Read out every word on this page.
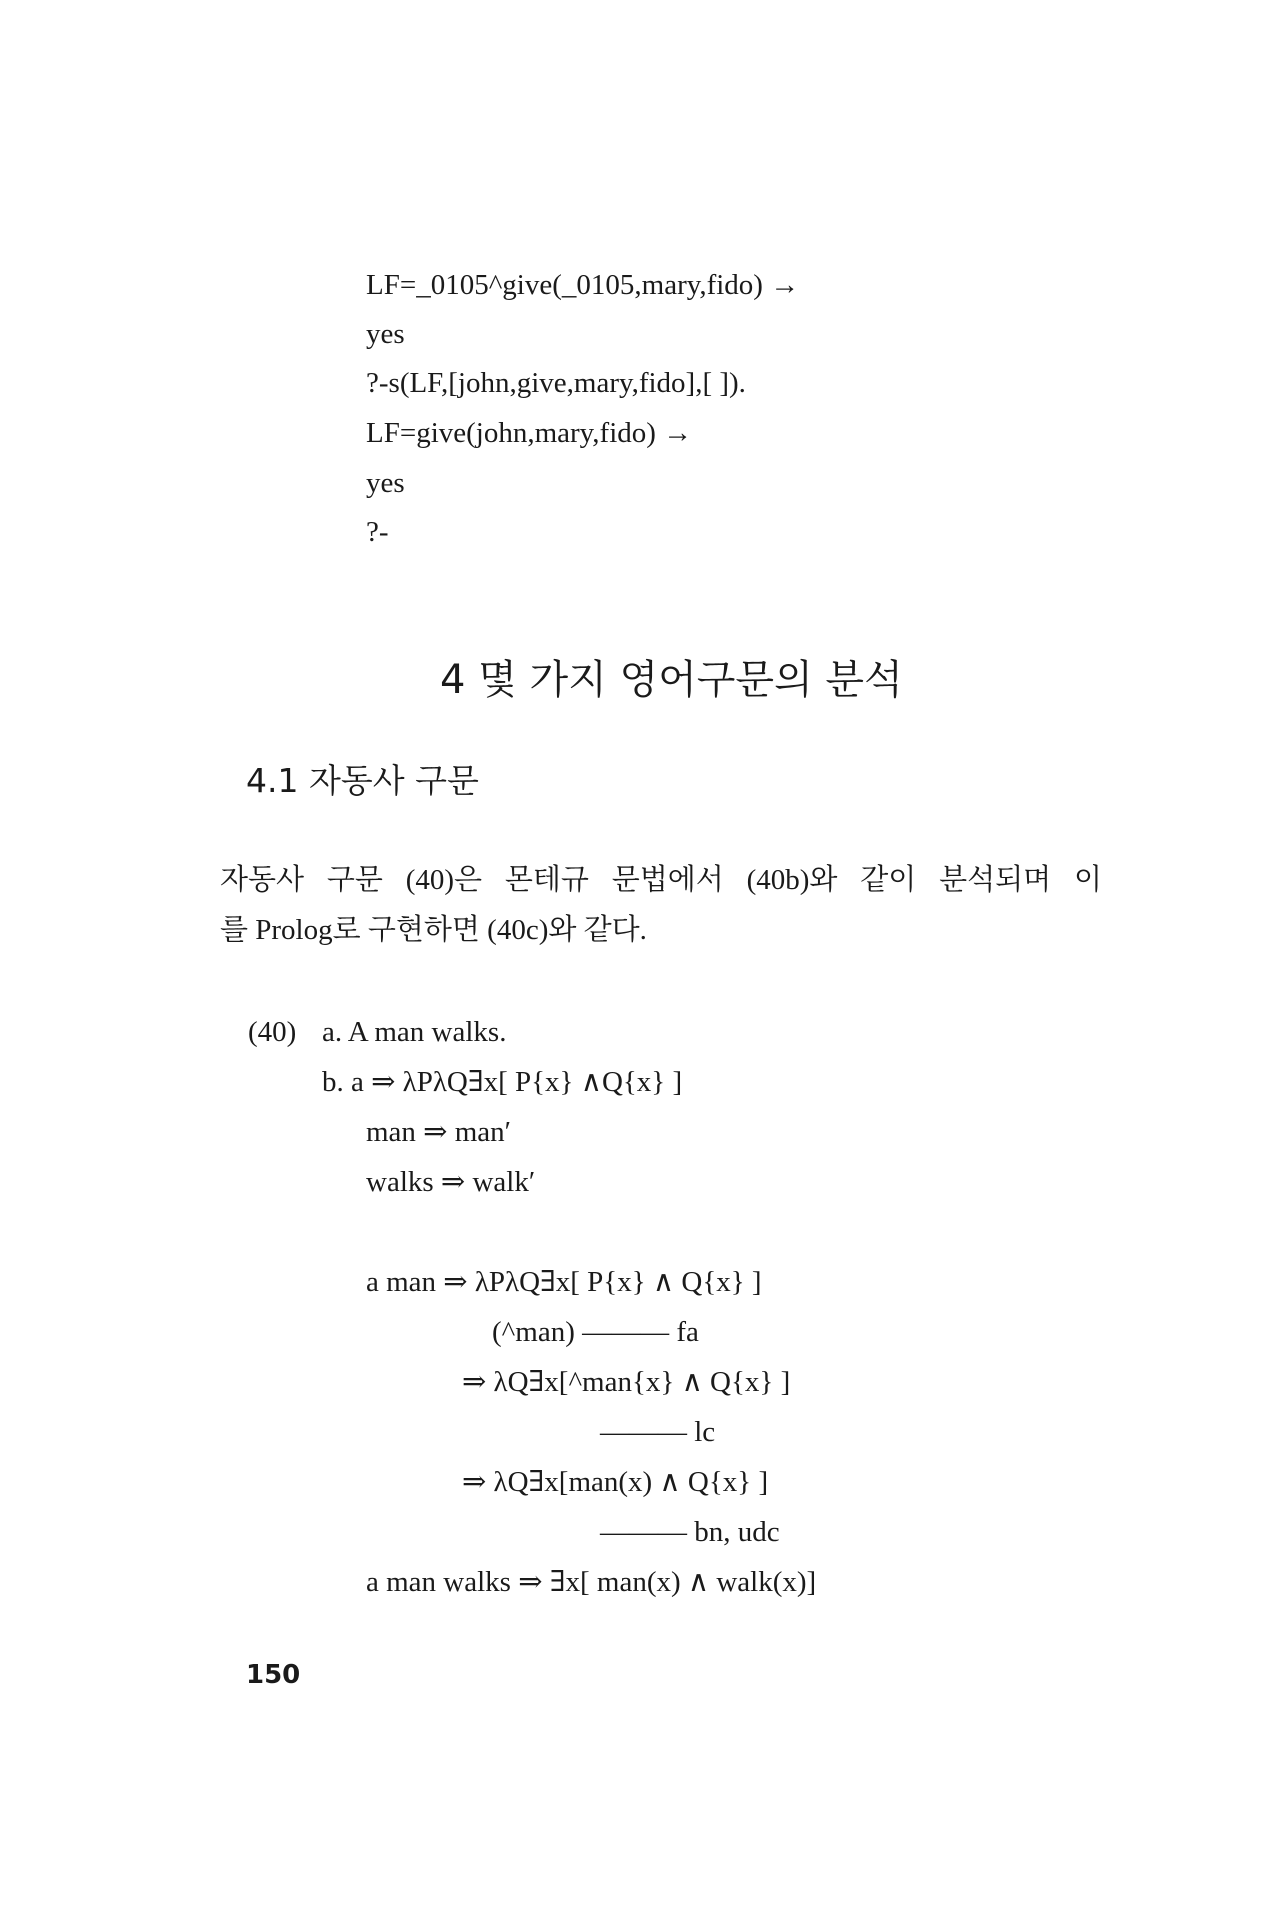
LF=_0105^give(_0105,mary,fido) →
yes
?-s(LF,[john,give,mary,fido],[ ]).
LF=give(john,mary,fido) →
yes
?-
4 몇 가지 영어구문의 분석
4.1 자동사 구문
자동사 구문 (40)은 몬테규 문법에서 (40b)와 같이 분석되며 이
를 Prolog로 구현하면 (40c)와 같다.
(40) a. A man walks.
b. a ⇒ λPλQ∃x[ P{x} ∧Q{x} ]
man ⇒ man′
walks ⇒ walk′
a man ⇒ λPλQ∃x[ P{x} ∧ Q{x} ]
(^man) ——— fa
⇒ λQ∃x[^man{x} ∧ Q{x} ]
——— lc
⇒ λQ∃x[man(x) ∧ Q{x} ]
——— bn, udc
a man walks ⇒ ∃x[ man(x) ∧ walk(x)]
150
